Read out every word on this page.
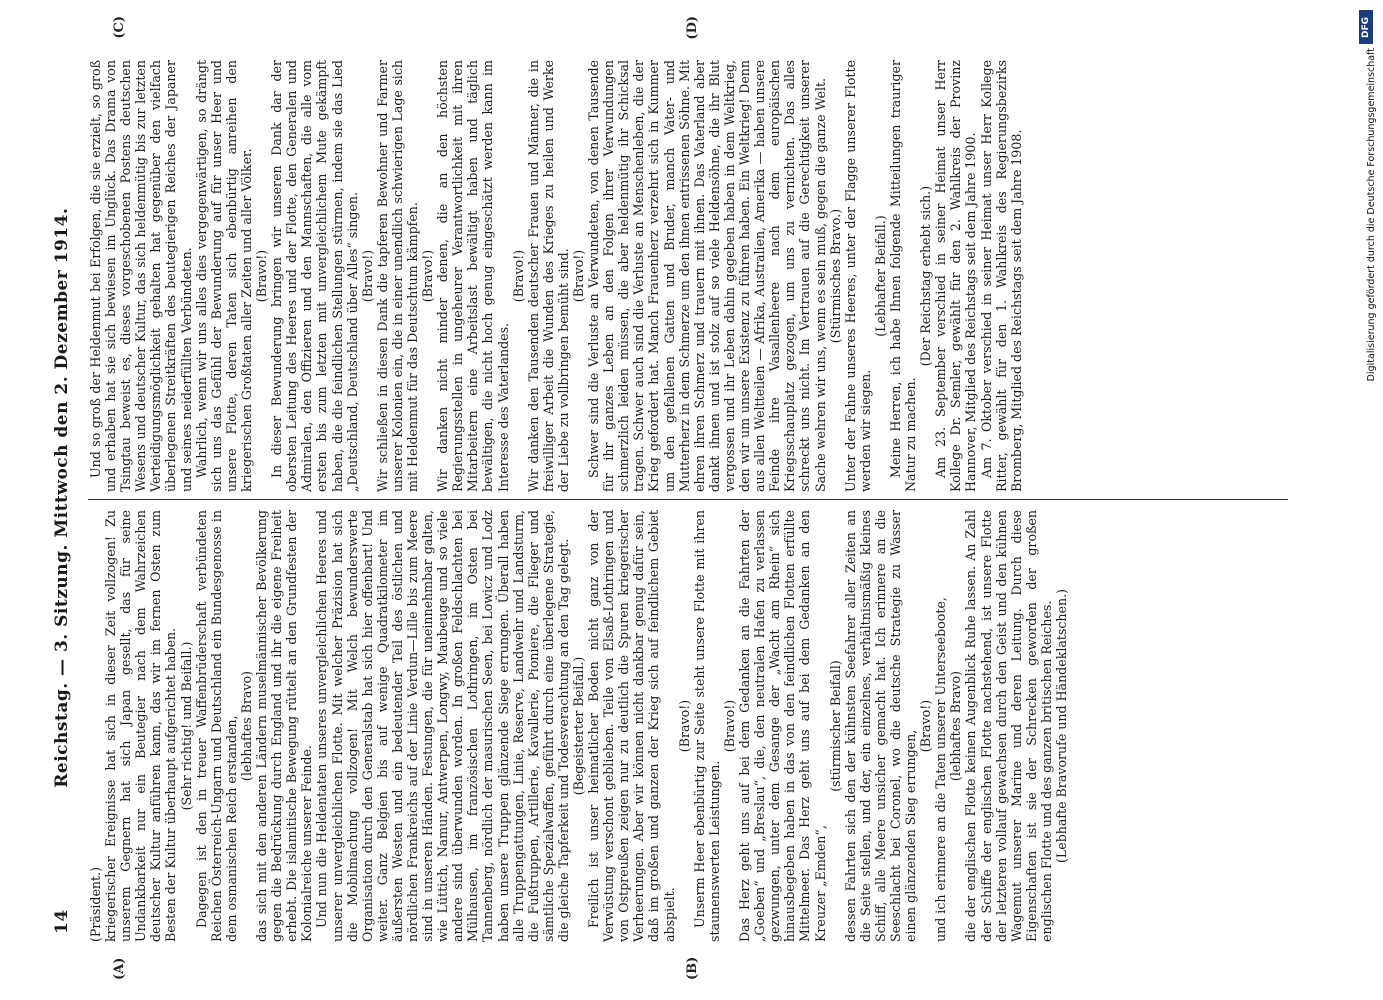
14
Reichstag. — 3. Sitzung. Mittwoch den 2. Dezember 1914.

(Präsident.) kriegerischer Ereignisse hat sich in dieser Zeit vollzogen! Zu unserem Gegnern hat sich Japan gesellt, das für seine Undankbarkeit nur ein Beutegier nach dem Wahrzeichen deutscher Kultur anführen kann, das wir im fernen Osten zum Besten der Kultur überhaupt aufgerichtet haben. (Sehr richtig! und Beifall.) Dagegen ist den in treuer Waffenbrüderschaft verbündeten Reichen Österreich-Ungarn und Deutschland ein Bundesgenosse in dem osmanischen Reich erstanden, (lebhaftes Bravo) das sich mit den anderen Ländern muselmännischer Bevölkerung gegen die Bedrückung durch England und ihr die eigene Freiheit erhebt. Die islamitische Bewegung rüttelt an den Grundfesten der Kolonialreiche unserer Feinde. Und nun die Heldentaten unseres unvergleichlichen Heeres und unserer unvergleichlichen Flotte. Mit welcher Präzision hat sich die Mobilmachung vollzogen! Mit Welch bewunderswerte Organisation durch den Generalstab hat sich hier offenbart! Und weiter. Ganz Belgien bis auf wenige Quadratkilometer im äußersten Westen und ein bedeutender Teil des östlichen und nördlichen Frankreichs auf der Linie Verdun—Lille bis zum Meere sind in unseren Händen. Festungen, die für uneinnehmbar galten, wie Lüttich, Namur, Antwerpen, Longwy, Maubeuge und so viele andere sind überwunden worden. In großen Feldschlachten bei Mülhausen, im französischen Lothringen, im Osten bei Tannenberg, nördlich der masurischen Seen, bei Lowicz und Lodz haben unsere Truppen glänzende Siege errungen. Überall haben alle Truppengattungen, Linie, Reserve, Landwehr und Landsturm, die Fußtruppen, Artillerie, Kavallerie, Pioniere, die Flieger und sämtliche Spezialwaffen, geführt durch eine überlegene Strategie, die gleiche Tapferkeit und Todesverachtung an den Tag gelegt. (Begeisterter Beifall.) Freilich ist unser heimatlicher Boden nicht ganz von der Verwüstung verschont geblieben. Teile von Elsaß-Lothringen und von Ostpreußen zeigen nur zu deutlich die Spuren kriegerischer Verheerungen. Aber wir können nicht dankbar genug dafür sein, daß im großen und ganzen der Krieg sich auf feindlichem Gebiet abspielt.

(Bravo!) Unserm Heer ebenbürtig zur Seite steht unsere Flotte mit ihren staunenswerten Leistungen.

(Bravo!) Das Herz geht uns auf bei dem Gedanken an die Fahrten der „Goeben“ und „Breslau“, die, den neutralen Hafen zu verlassen gezwungen, unter dem Gesange der „Wacht am Rhein“ sich hinausbegeben haben in das von den feindlichen Flotten erfüllte Mittelmeer. Das Herz geht uns auf bei dem Gedanken an den Kreuzer „Emden“,

(stürmischer Beifall) dessen Fahrten sich den der kühnsten Seefahrer aller Zeiten an die Seite stellen, und der, ein einzelnes, verhältnismäßig kleines Schiff, alle Meere unsicher gemacht hat. Ich erinnere an die Seeschlacht bei Coronel, wo die deutsche Strategie zu Wasser einen glänzenden Sieg errungen,

(Bravo!) und ich erinnere an die Taten unserer Unterseeboote, (lebhaftes Bravo) die der englischen Flotte keinen Augenblick Ruhe lassen. An Zahl der Schiffe der englischen Flotte nachstehend, ist unsere Flotte der letzteren vollauf gewachsen durch den Geist und den kühnen Wagemut unserer Marine und deren Leitung. Durch diese Eigenschaften ist sie der Schrecken geworden der großen englischen Flotte und des ganzen britischen Reiches. (Lebhafte Bravorufe und Händeklatschen.)

Und so groß der Heldenmut bei Erfolgen, die sie erzielt, so groß und erhaben hat sie sich bewiesen im Unglück. Das Drama von Tsingtau beweist es, dieses vorgeschobenen Postens deutschen Wesens und deutscher Kultur, das sich heldenmütig bis zur letzten Verteidigungsmöglichkeit gehalten hat gegenüber den vielfach überlegenen Streitkräften des beutegierigen Reiches der Japaner und seines neiderfüllten Verbündeten. Wahrlich, wenn wir uns alles dies vergegenwärtigen, so drängt sich uns das Gefühl der Bewunderung auf für unser Heer und unsere Flotte, deren Taten sich ebenbürtig anreihen den kriegerischen Großtaten aller Zeiten und aller Völker. (Bravo!) In dieser Bewunderung bringen wir unseren Dank dar der obersten Leitung des Heeres und der Flotte, den Generalen und Admiralen, den Offizieren und den Mannschaften, die alle vom ersten bis zum letzten mit unvergleichlichem Mute gekämpft haben, die die feindlichen Stellungen stürmen, indem sie das Lied „Deutschland, Deutschland über Alles“ singen. (Bravo!) Wir schließen in diesen Dank die tapferen Bewohner und Farmer unserer Kolonien ein, die in einer unendlich schwierigen Lage sich mit Heldenmut für das Deutschtum kämpfen. (Bravo!) Wir danken nicht minder denen, die an den höchsten Regierungsstellen in ungeheurer Verantwortlichkeit mit ihren Mitarbeitern eine Arbeitslast bewältigt haben und täglich bewältigen, die nicht hoch genug eingeschätzt werden kann im Interesse des Vaterlandes.

(Bravo!) Wir danken den Tausenden deutscher Frauen und Männer, die in freiwilliger Arbeit die Wunden des Krieges zu heilen und Werke der Liebe zu vollbringen bemüht sind. (Bravo!) Schwer sind die Verluste an Verwundeten, von denen Tausende für ihr ganzes Leben an den Folgen ihrer Verwundungen schmerzlich leiden müssen, die aber heldenmütig ihr Schicksal tragen. Schwer auch sind die Verluste an Menschenleben, die der Krieg gefordert hat. Manch Frauenherz verzehrt sich in Kummer um den gefallenen Gatten und Bruder, manch Vater- und Mutterherz in dem Schmerze um den ihnen entrissenen Söhne. Mit ehren ihren Schmerz und trauern mit ihnen. Das Vaterland aber dankt ihnen und ist stolz auf so viele Heldensöhne, die ihr Blut vergossen und ihr Leben dahin gegeben haben in dem Weltkrieg, den wir um unsere Existenz zu führen haben. Ein Weltkrieg! Denn aus allen Weltteilen — Afrika, Australien, Amerika — haben unsere Feinde ihre Vasallenheere nach dem europäischen Kriegsschauplatz gezogen, um uns zu vernichten. Das alles schreckt uns nicht. Im Vertrauen auf die Gerechtigkeit unserer Sache wehren wir uns, wenn es sein muß, gegen die ganze Welt. (Stürmisches Bravo.) Unter der Fahne unseres Heeres, unter der Flagge unserer Flotte werden wir siegen.

(Lebhafter Beifall.) Meine Herren, ich habe Ihnen folgende Mitteilungen trauriger Natur zu machen.

(Der Reichstag erhebt sich.) Am 23. September verschied in seiner Heimat unser Herr Kollege Dr. Semler, gewählt für den 2. Wahlkreis der Provinz Hannover, Mitglied des Reichstags seit dem Jahre 1900. Am 7. Oktober verschied in seiner Heimat unser Herr Kollege Ritter, gewählt für den 1. Wahlkreis des Regierungsbezirks Bromberg, Mitglied des Reichstags seit dem Jahre 1908.

(A)	(B)
(C)	(D)	DFG
Digitalisierung gefördert durch die Deutsche Forschungsgemeinschaft
